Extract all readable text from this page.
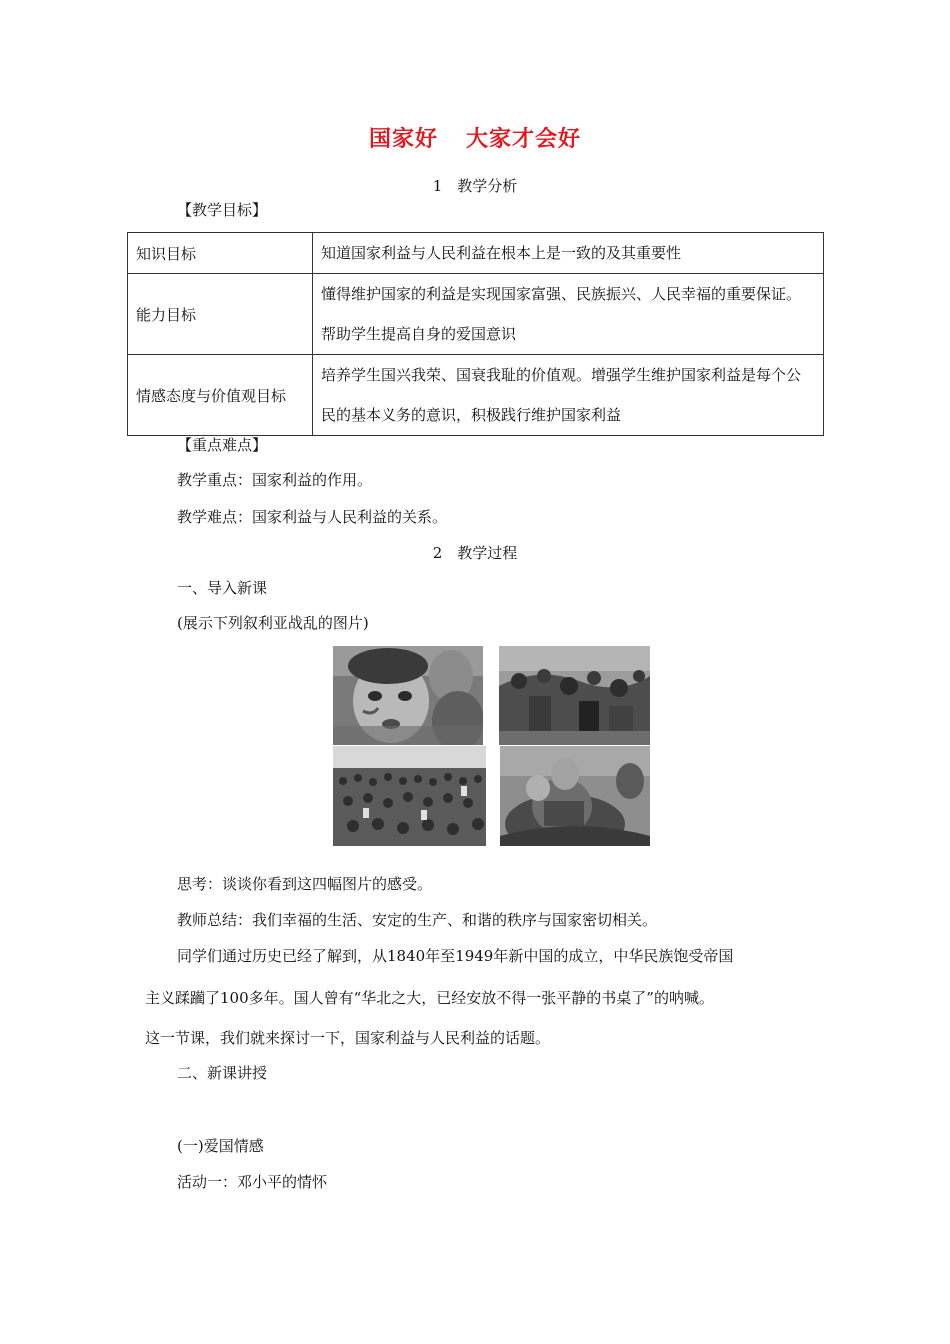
国家好 大家才会好
1　教学分析
【教学目标】
知识目标	知道国家利益与人民利益在根本上是一致的及其重要性
能力目标	懂得维护国家的利益是实现国家富强、民族振兴、人民幸福的重要保证。帮助学生提高自身的爱国意识
情感态度与价值观目标	培养学生国兴我荣、国衰我耻的价值观。增强学生维护国家利益是每个公民的基本义务的意识，积极践行维护国家利益
【重点难点】
教学重点：国家利益的作用。
教学难点：国家利益与人民利益的关系。
2　教学过程
一、导入新课
(展示下列叙利亚战乱的图片)
思考：谈谈你看到这四幅图片的感受。
教师总结：我们幸福的生活、安定的生产、和谐的秩序与国家密切相关。
同学们通过历史已经了解到，从1840年至1949年新中国的成立，中华民族饱受帝国
主义蹂躏了100多年。国人曾有“华北之大，已经安放不得一张平静的书桌了”的呐喊。
这一节课，我们就来探讨一下，国家利益与人民利益的话题。
二、新课讲授
(一)爱国情感
活动一：邓小平的情怀
